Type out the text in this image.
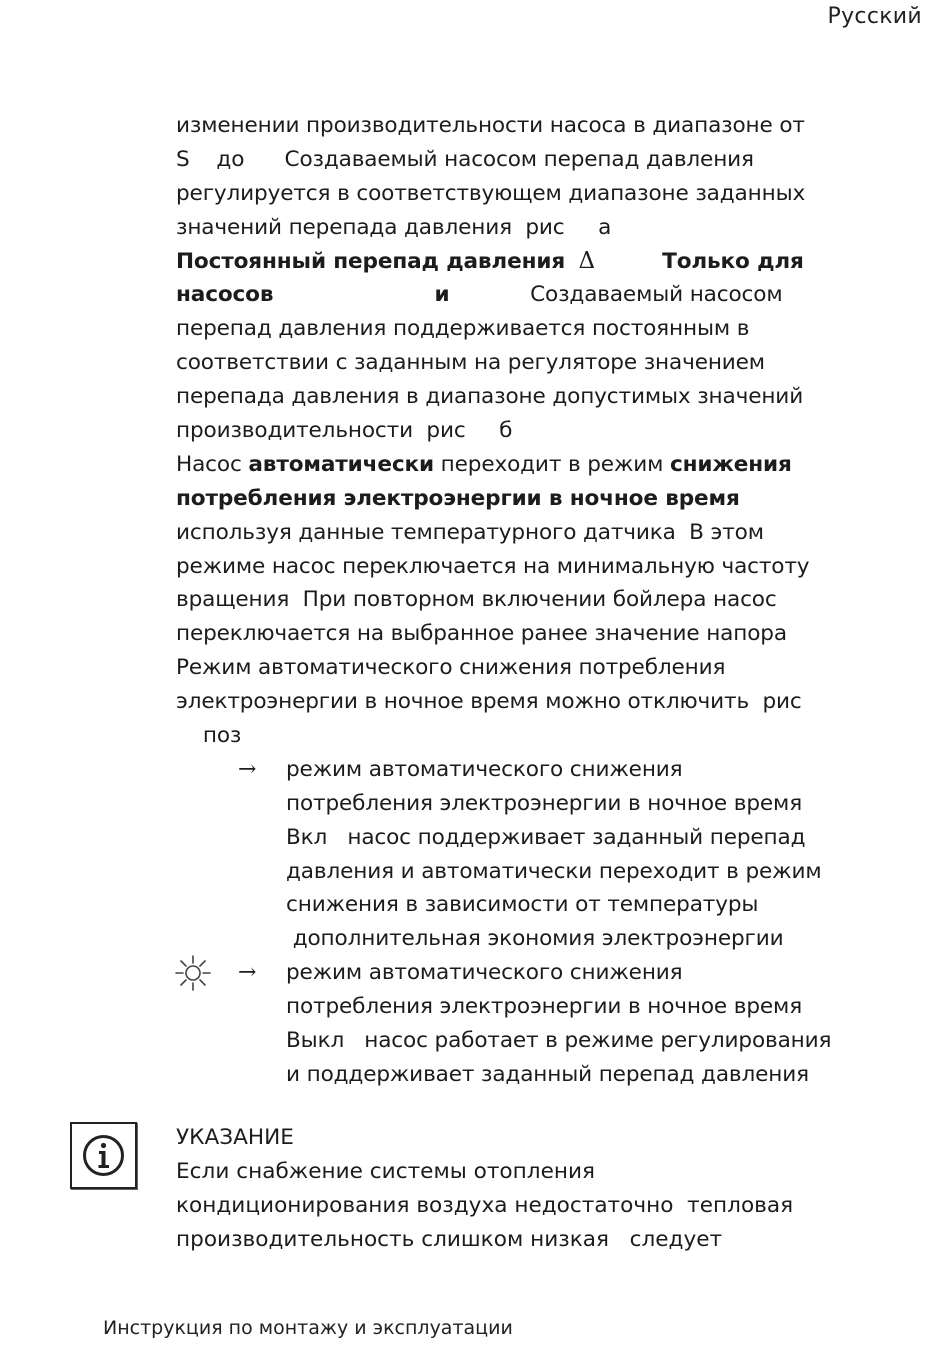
Русский
изменении производительности насоса в диапазоне от
S    до      Создаваемый насосом перепад давления
регулируется в соответствующем диапазоне заданных
значений перепада давления  рис     а
Постоянный перепад давления Δ	Только для
насосов	и	Создаваемый насосом
перепад давления поддерживается постоянным в
соответствии с заданным на регуляторе значением
перепада давления в диапазоне допустимых значений
производительности  рис     б
Насос автоматически переходит в режим снижения
потребления электроэнергии в ночное время
используя данные температурного датчика  В этом
режиме насос переключается на минимальную частоту
вращения  При повторном включении бойлера насос
переключается на выбранное ранее значение напора
Режим автоматического снижения потребления
электроэнергии в ночное время можно отключить  рис
поз
→ режим автоматического снижения
потребления электроэнергии в ночное время
Вкл   насос поддерживает заданный перепад
давления и автоматически переходит в режим
снижения в зависимости от температуры
дополнительная экономия электроэнергии
→ режим автоматического снижения
потребления электроэнергии в ночное время
Выкл   насос работает в режиме регулирования
и поддерживает заданный перепад давления
УКАЗАНИЕ
Если снабжение системы отопления
кондиционирования воздуха недостаточно  тепловая
производительность слишком низкая   следует
Инструкция по монтажу и эксплуатации
